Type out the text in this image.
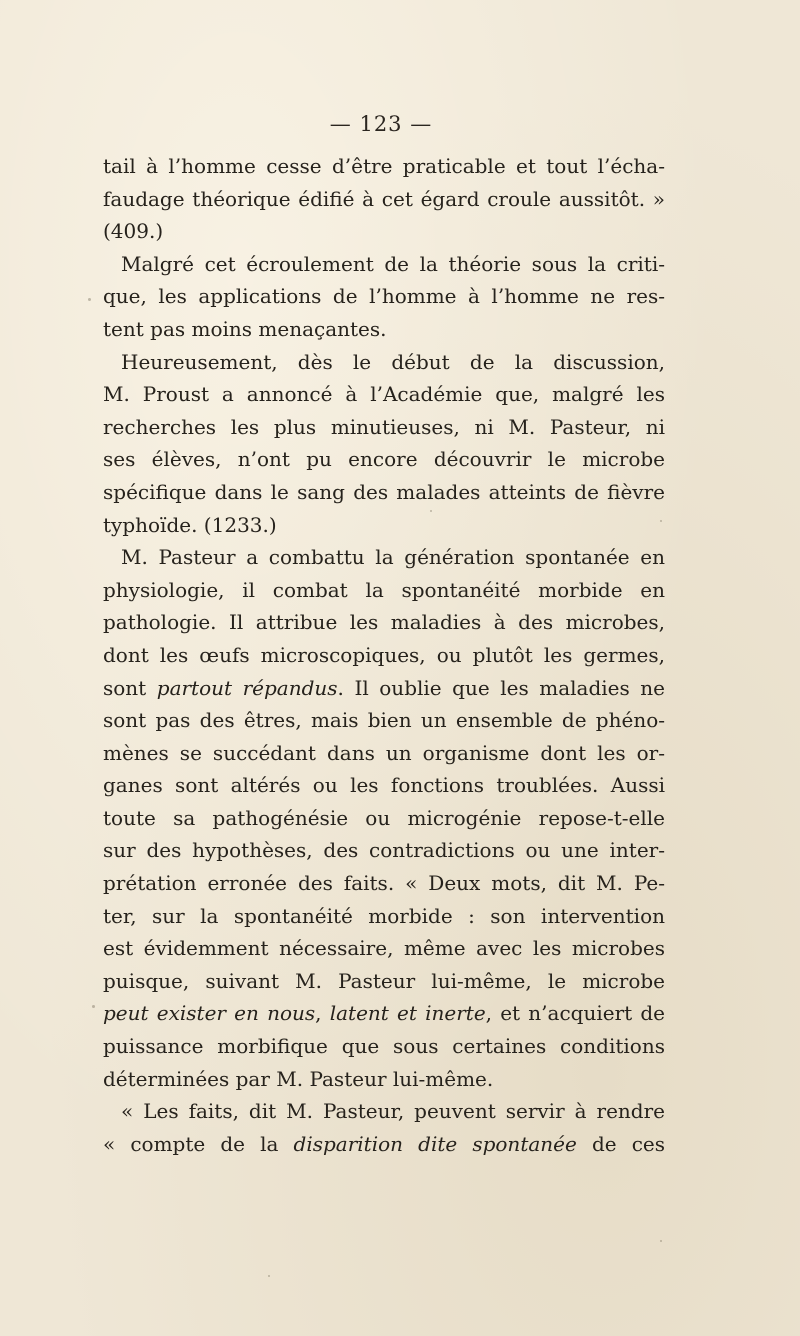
— 123 —
tail à l’homme cesse d’être praticable et tout l’écha-
faudage théorique édifié à cet égard croule aussitôt. »
(409.)
Malgré cet écroulement de la théorie sous la criti-
que, les applications de l’homme à l’homme ne res-
tent pas moins menaçantes.
Heureusement, dès le début de la discussion,
M. Proust a annoncé à l’Académie que, malgré les
recherches les plus minutieuses, ni M. Pasteur, ni
ses élèves, n’ont pu encore découvrir le microbe
spécifique dans le sang des malades atteints de fièvre
typhoïde. (1233.)
M. Pasteur a combattu la génération spontanée en
physiologie, il combat la spontanéité morbide en
pathologie. Il attribue les maladies à des microbes,
dont les œufs microscopiques, ou plutôt les germes,
sont partout répandus. Il oublie que les maladies ne
sont pas des êtres, mais bien un ensemble de phéno-
mènes se succédant dans un organisme dont les or-
ganes sont altérés ou les fonctions troublées. Aussi
toute sa pathogénésie ou microgénie repose-t-elle
sur des hypothèses, des contradictions ou une inter-
prétation erronée des faits. « Deux mots, dit M. Pe-
ter, sur la spontanéité morbide : son intervention
est évidemment nécessaire, même avec les microbes
puisque, suivant M. Pasteur lui-même, le microbe
peut exister en nous, latent et inerte, et n’acquiert de
puissance morbifique que sous certaines conditions
déterminées par M. Pasteur lui-même.
« Les faits, dit M. Pasteur, peuvent servir à rendre
« compte de la disparition dite spontanée de ces
